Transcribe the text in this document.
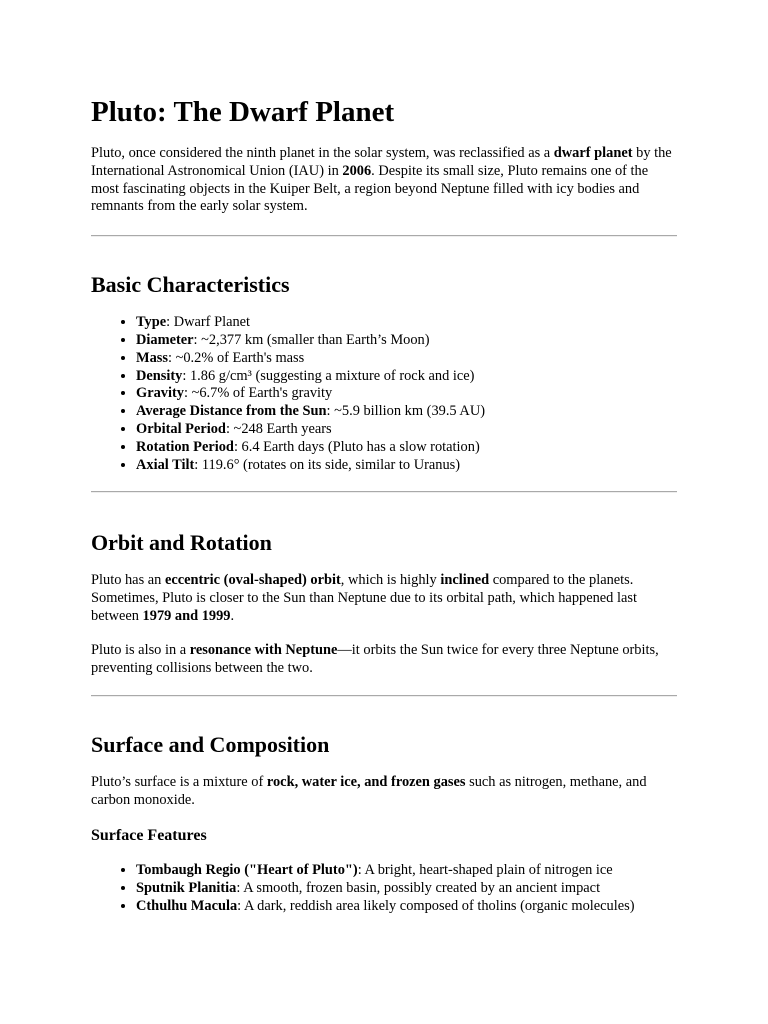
Pluto: The Dwarf Planet

Pluto, once considered the ninth planet in the solar system, was reclassified as a dwarf planet by the International Astronomical Union (IAU) in 2006. Despite its small size, Pluto remains one of the most fascinating objects in the Kuiper Belt, a region beyond Neptune filled with icy bodies and remnants from the early solar system.

Basic Characteristics
• Type: Dwarf Planet
• Diameter: ~2,377 km (smaller than Earth’s Moon)
• Mass: ~0.2% of Earth's mass
• Density: 1.86 g/cm³ (suggesting a mixture of rock and ice)
• Gravity: ~6.7% of Earth's gravity
• Average Distance from the Sun: ~5.9 billion km (39.5 AU)
• Orbital Period: ~248 Earth years
• Rotation Period: 6.4 Earth days (Pluto has a slow rotation)
• Axial Tilt: 119.6° (rotates on its side, similar to Uranus)
Orbit and Rotation

Pluto has an eccentric (oval-shaped) orbit, which is highly inclined compared to the planets. Sometimes, Pluto is closer to the Sun than Neptune due to its orbital path, which happened last between 1979 and 1999.

Pluto is also in a resonance with Neptune—it orbits the Sun twice for every three Neptune orbits, preventing collisions between the two.

Surface and Composition

Pluto’s surface is a mixture of rock, water ice, and frozen gases such as nitrogen, methane, and carbon monoxide.

Surface Features
• Tombaugh Regio ("Heart of Pluto"): A bright, heart-shaped plain of nitrogen ice
• Sputnik Planitia: A smooth, frozen basin, possibly created by an ancient impact
• Cthulhu Macula: A dark, reddish area likely composed of tholins (organic molecules)
